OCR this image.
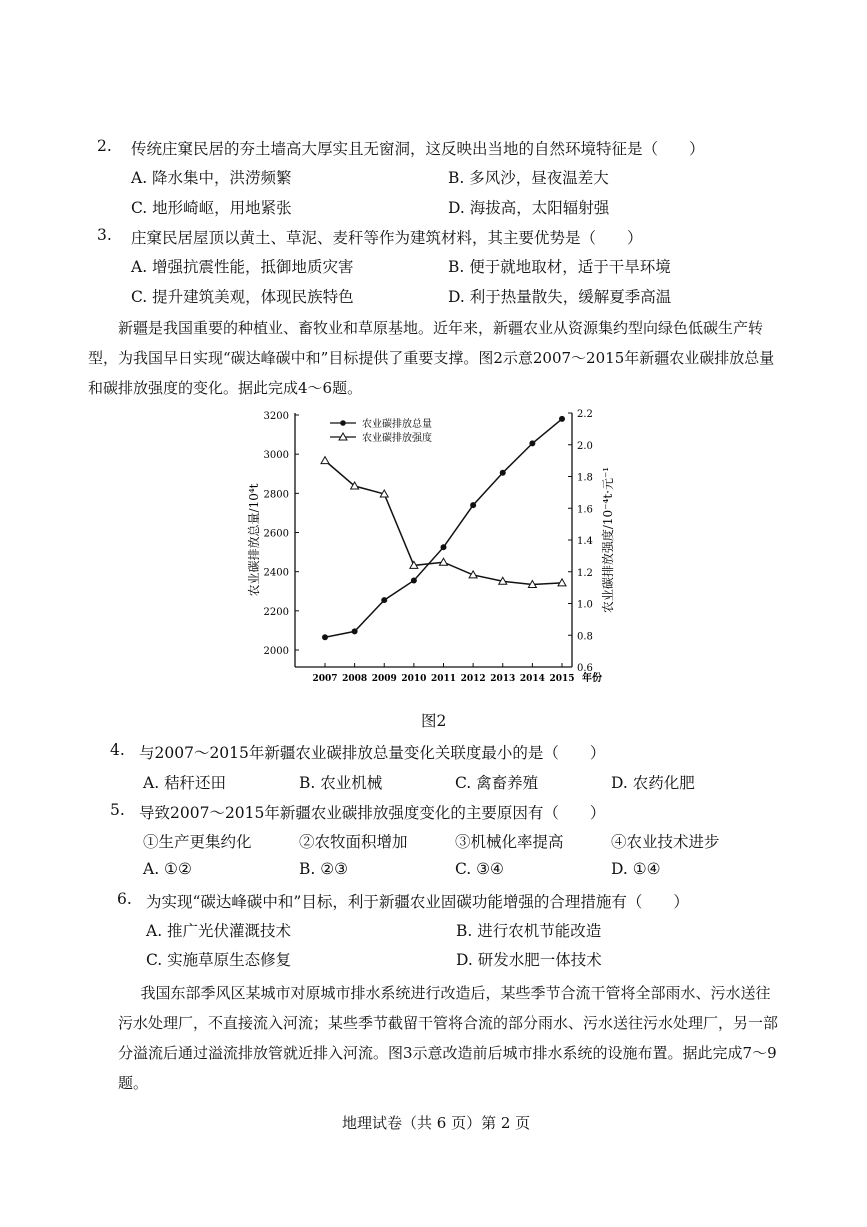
2. 传统庄窠民居的夯土墙高大厚实且无窗洞，这反映出当地的自然环境特征是（　　）
A. 降水集中，洪涝频繁	B. 多风沙，昼夜温差大
C. 地形崎岖，用地紧张	D. 海拔高，太阳辐射强
3. 庄窠民居屋顶以黄土、草泥、麦秆等作为建筑材料，其主要优势是（　　）
A. 增强抗震性能，抵御地质灾害	B. 便于就地取材，适于干旱环境
C. 提升建筑美观，体现民族特色	D. 利于热量散失，缓解夏季高温
新疆是我国重要的种植业、畜牧业和草原基地。近年来，新疆农业从资源集约型向绿色低碳生产转型，为我国早日实现“碳达峰碳中和”目标提供了重要支撑。图2示意2007～2015年新疆农业碳排放总量和碳排放强度的变化。据此完成4～6题。
2000
2200
2400
2600
2800
3000
3200
0.6
0.8
1.0
1.2
1.4
1.6
1.8
2.0
2.2
2007 2008 2009 2010 2011 2012 2013 2014 2015 年份
农业碳排放总量/10⁴t	农业碳排放强度/10⁻⁴t·元⁻¹
农业碳排放总量
农业碳排放强度
图2
4. 与2007～2015年新疆农业碳排放总量变化关联度最小的是（　　）
A. 秸秆还田	B. 农业机械	C. 禽畜养殖	D. 农药化肥
5. 导致2007～2015年新疆农业碳排放强度变化的主要原因有（　　）
①生产更集约化	②农牧面积增加	③机械化率提高	④农业技术进步
A. ①②	B. ②③	C. ③④	D. ①④
6. 为实现“碳达峰碳中和”目标，利于新疆农业固碳功能增强的合理措施有（　　）
A. 推广光伏灌溉技术	B. 进行农机节能改造
C. 实施草原生态修复	D. 研发水肥一体技术
我国东部季风区某城市对原城市排水系统进行改造后，某些季节合流干管将全部雨水、污水送往污水处理厂，不直接流入河流；某些季节截留干管将合流的部分雨水、污水送往污水处理厂，另一部分溢流后通过溢流排放管就近排入河流。图3示意改造前后城市排水系统的设施布置。据此完成7～9题。
地理试卷（共 6 页）第 2 页
